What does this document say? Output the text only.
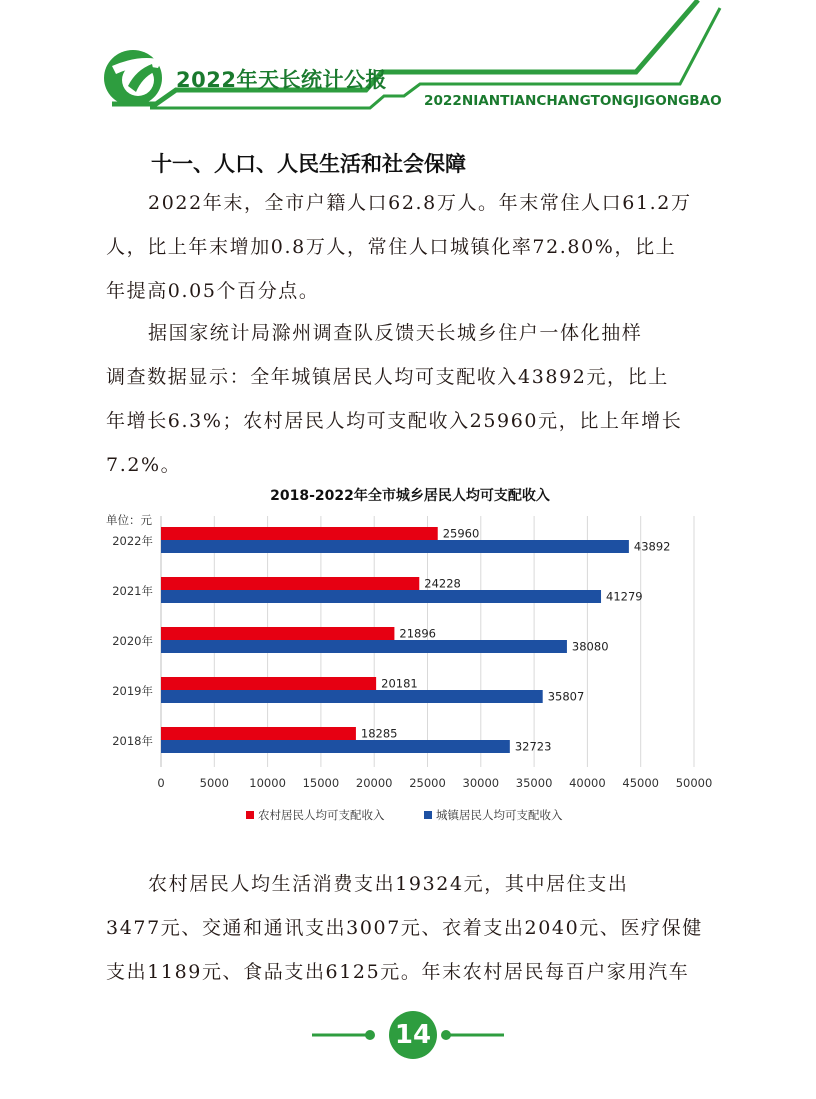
2022年天长统计公报
2022NIANTIANCHANGTONGJIGONGBAO
十一、人口、人民生活和社会保障
2022年末，全市户籍人口62.8万人。年末常住人口61.2万
人，比上年末增加0.8万人，常住人口城镇化率72.80%，比上
年提高0.05个百分点。
据国家统计局滁州调查队反馈天长城乡住户一体化抽样
调查数据显示：全年城镇居民人均可支配收入43892元，比上
年增长6.3%；农村居民人均可支配收入25960元，比上年增长
7.2%。
2018-2022年全市城乡居民人均可支配收入
单位：元
0	5000 10000 15000 20000 25000 30000 35000 40000 45000 50000
2022年
25960
43892
2021年
24228
41279
2020年
21896
38080
2019年
20181
35807
2018年
18285
32723
农村居民人均可支配收入	城镇居民人均可支配收入
农村居民人均生活消费支出19324元，其中居住支出
3477元、交通和通讯支出3007元、衣着支出2040元、医疗保健
支出1189元、食品支出6125元。年末农村居民每百户家用汽车
14
